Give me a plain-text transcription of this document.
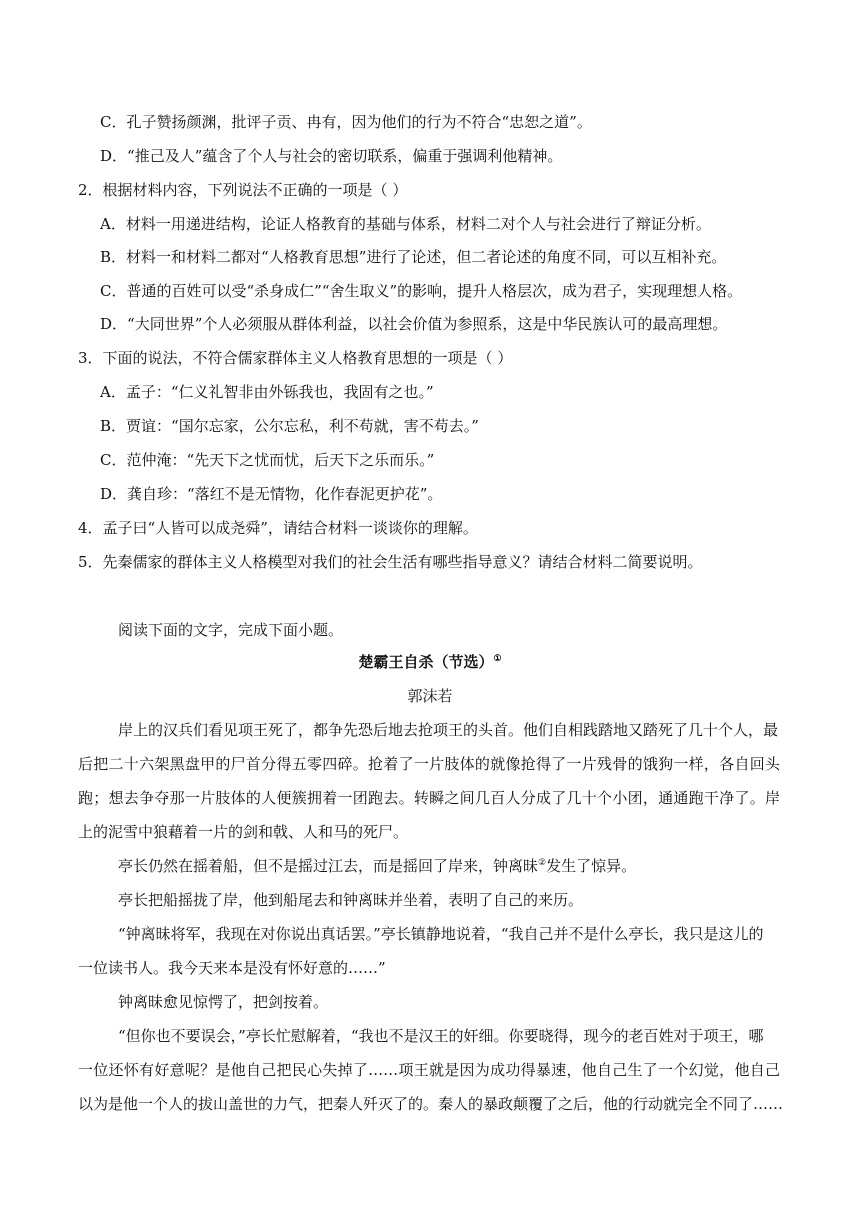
C．孔子赞扬颜渊，批评子贡、冉有，因为他们的行为不符合“忠恕之道”。
D．“推己及人”蕴含了个人与社会的密切联系，偏重于强调利他精神。
2．根据材料内容，下列说法不正确的一项是（ ）
A．材料一用递进结构，论证人格教育的基础与体系，材料二对个人与社会进行了辩证分析。
B．材料一和材料二都对“人格教育思想”进行了论述，但二者论述的角度不同，可以互相补充。
C．普通的百姓可以受“杀身成仁”“舍生取义”的影响，提升人格层次，成为君子，实现理想人格。
D．“大同世界”个人必须服从群体利益，以社会价值为参照系，这是中华民族认可的最高理想。
3．下面的说法，不符合儒家群体主义人格教育思想的一项是（ ）
A．孟子：“仁义礼智非由外铄我也，我固有之也。”
B．贾谊：“国尔忘家，公尔忘私，利不苟就，害不苟去。”
C．范仲淹：“先天下之忧而忧，后天下之乐而乐。”
D．龚自珍：“落红不是无情物，化作春泥更护花”。
4．孟子曰“人皆可以成尧舜”，请结合材料一谈谈你的理解。
5．先秦儒家的群体主义人格模型对我们的社会生活有哪些指导意义？请结合材料二简要说明。
阅读下面的文字，完成下面小题。
楚霸王自杀（节选）①
郭沫若
岸上的汉兵们看见项王死了，都争先恐后地去抢项王的头首。他们自相践踏地又踏死了几十个人，最
后把二十六架黑盘甲的尸首分得五零四碎。抢着了一片肢体的就像抢得了一片残骨的饿狗一样，各自回头
跑；想去争夺那一片肢体的人便簇拥着一团跑去。转瞬之间几百人分成了几十个小团，通通跑干净了。岸
上的泥雪中狼藉着一片的剑和戟、人和马的死尸。
亭长仍然在摇着船，但不是摇过江去，而是摇回了岸来，钟离昧②发生了惊异。
亭长把船摇拢了岸，他到船尾去和钟离昧并坐着，表明了自己的来历。
“钟离昧将军，我现在对你说出真话罢。”亭长镇静地说着，“我自己并不是什么亭长，我只是这儿的
一位读书人。我今天来本是没有怀好意的……”
钟离昧愈见惊愕了，把剑按着。
“但你也不要误会，”亭长忙慰解着，“我也不是汉王的奸细。你要晓得，现今的老百姓对于项王，哪
一位还怀有好意呢？是他自己把民心失掉了……项王就是因为成功得暴速，他自己生了一个幻觉，他自己
以为是他一个人的拔山盖世的力气，把秦人歼灭了的。秦人的暴政颠覆了之后，他的行动就完全不同了……
